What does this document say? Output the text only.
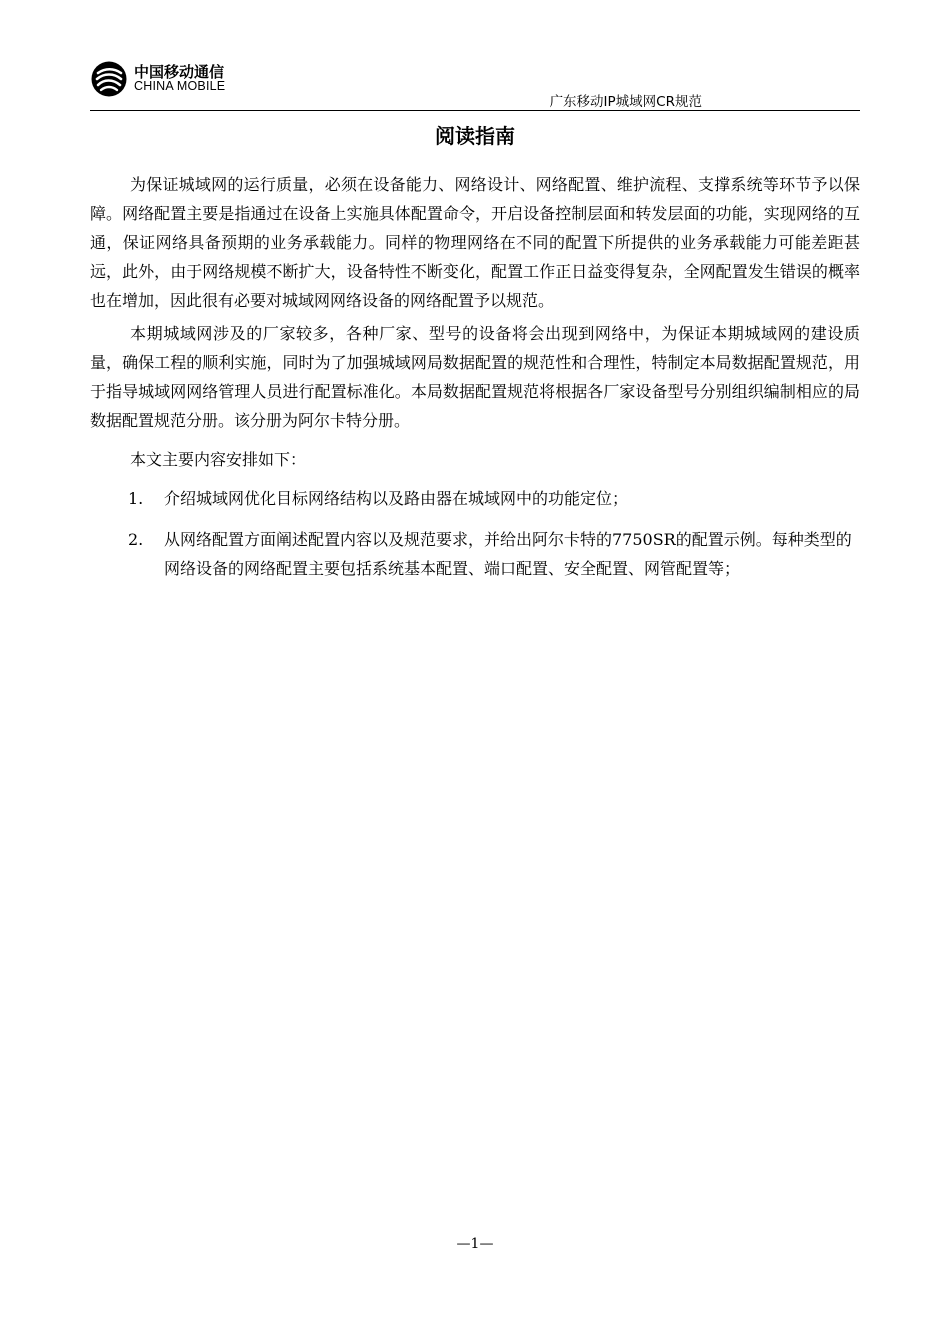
中国移动通信
CHINA MOBILE
广东移动IP城域网CR规范
阅读指南

为保证城域网的运行质量，必须在设备能力、网络设计、网络配置、维护流程、支撑系统等环节予以保障。网络配置主要是指通过在设备上实施具体配置命令，开启设备控制层面和转发层面的功能，实现网络的互通，保证网络具备预期的业务承载能力。同样的物理网络在不同的配置下所提供的业务承载能力可能差距甚远，此外，由于网络规模不断扩大，设备特性不断变化，配置工作正日益变得复杂，全网配置发生错误的概率也在增加，因此很有必要对城域网网络设备的网络配置予以规范。

本期城域网涉及的厂家较多，各种厂家、型号的设备将会出现到网络中，为保证本期城域网的建设质量，确保工程的顺利实施，同时为了加强城域网局数据配置的规范性和合理性，特制定本局数据配置规范，用于指导城域网网络管理人员进行配置标准化。本局数据配置规范将根据各厂家设备型号分别组织编制相应的局数据配置规范分册。该分册为阿尔卡特分册。

本文主要内容安排如下：

1. 介绍城域网优化目标网络结构以及路由器在城域网中的功能定位；
2. 从网络配置方面阐述配置内容以及规范要求，并给出阿尔卡特的7750SR的配置示例。每种类型的网络设备的网络配置主要包括系统基本配置、端口配置、安全配置、网管配置等；
—1—
